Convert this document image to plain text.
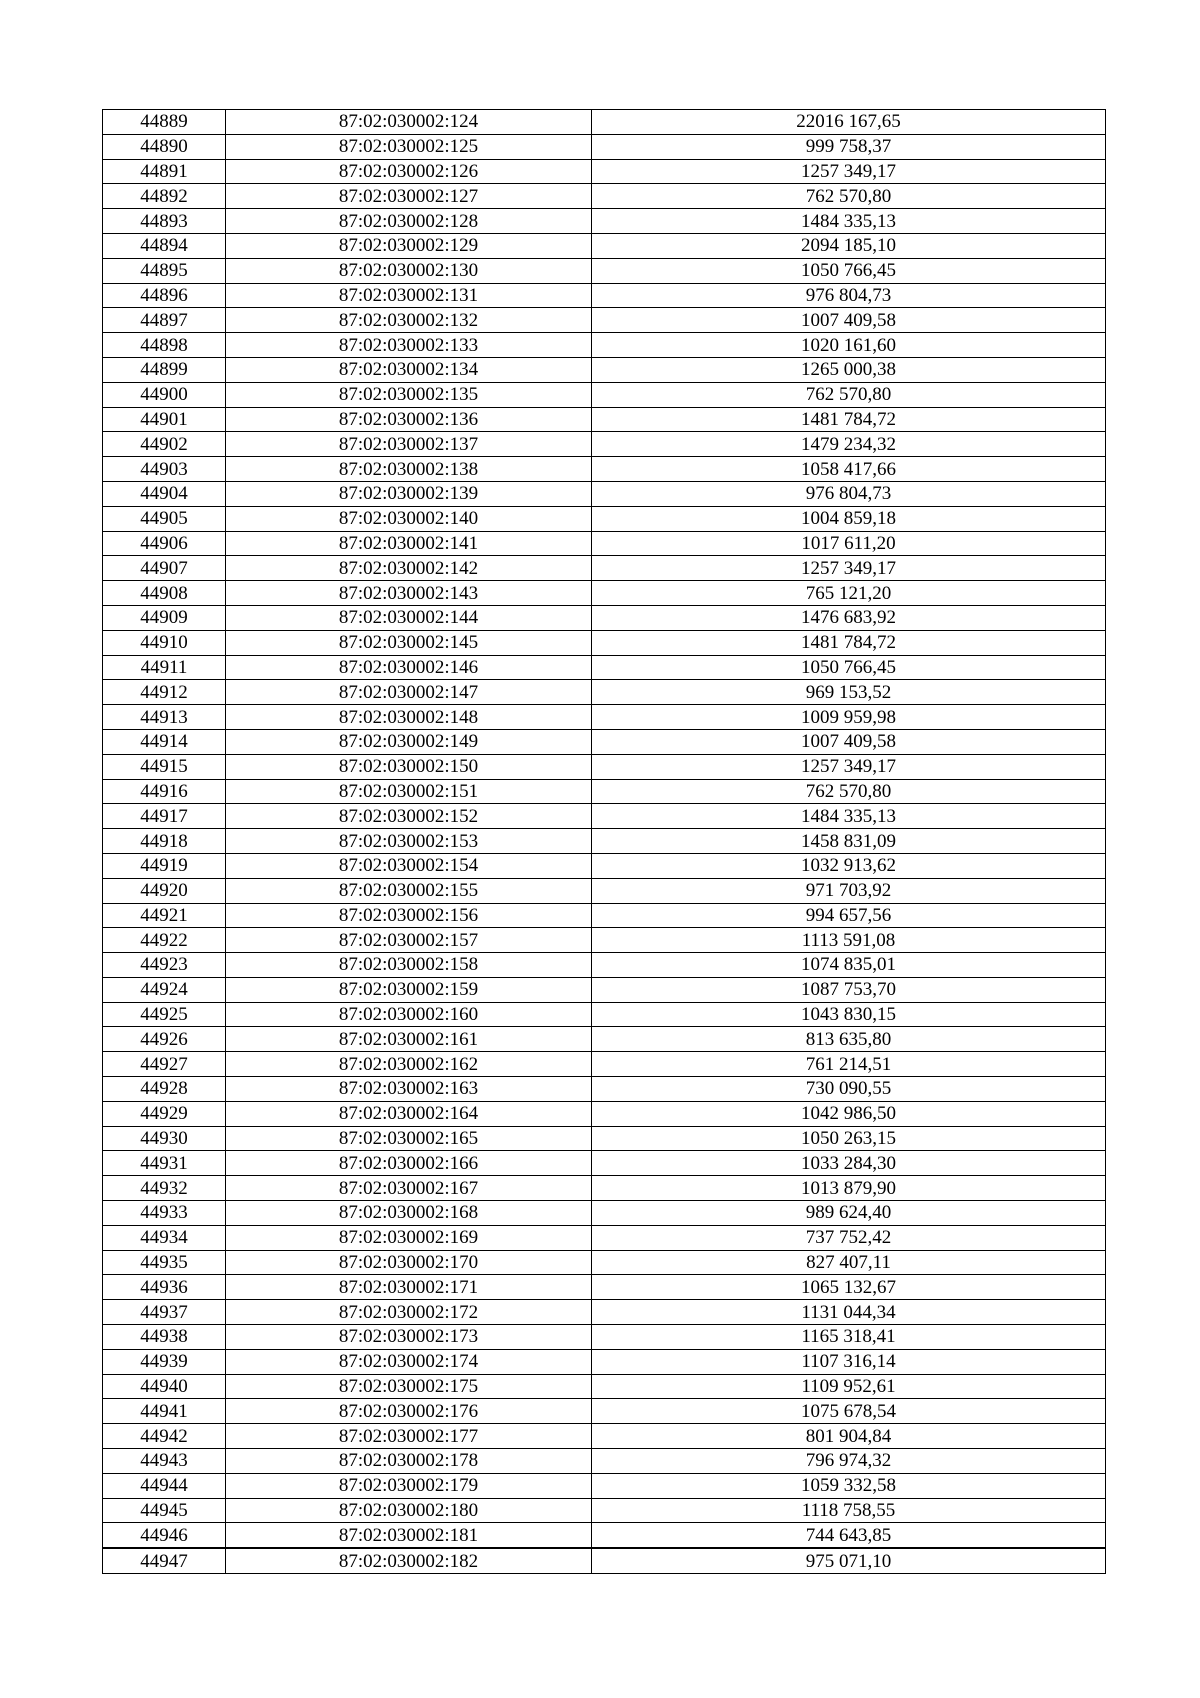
44889	87:02:030002:124	22016 167,65
44890	87:02:030002:125	999 758,37
44891	87:02:030002:126	1257 349,17
44892	87:02:030002:127	762 570,80
44893	87:02:030002:128	1484 335,13
44894	87:02:030002:129	2094 185,10
44895	87:02:030002:130	1050 766,45
44896	87:02:030002:131	976 804,73
44897	87:02:030002:132	1007 409,58
44898	87:02:030002:133	1020 161,60
44899	87:02:030002:134	1265 000,38
44900	87:02:030002:135	762 570,80
44901	87:02:030002:136	1481 784,72
44902	87:02:030002:137	1479 234,32
44903	87:02:030002:138	1058 417,66
44904	87:02:030002:139	976 804,73
44905	87:02:030002:140	1004 859,18
44906	87:02:030002:141	1017 611,20
44907	87:02:030002:142	1257 349,17
44908	87:02:030002:143	765 121,20
44909	87:02:030002:144	1476 683,92
44910	87:02:030002:145	1481 784,72
44911	87:02:030002:146	1050 766,45
44912	87:02:030002:147	969 153,52
44913	87:02:030002:148	1009 959,98
44914	87:02:030002:149	1007 409,58
44915	87:02:030002:150	1257 349,17
44916	87:02:030002:151	762 570,80
44917	87:02:030002:152	1484 335,13
44918	87:02:030002:153	1458 831,09
44919	87:02:030002:154	1032 913,62
44920	87:02:030002:155	971 703,92
44921	87:02:030002:156	994 657,56
44922	87:02:030002:157	1113 591,08
44923	87:02:030002:158	1074 835,01
44924	87:02:030002:159	1087 753,70
44925	87:02:030002:160	1043 830,15
44926	87:02:030002:161	813 635,80
44927	87:02:030002:162	761 214,51
44928	87:02:030002:163	730 090,55
44929	87:02:030002:164	1042 986,50
44930	87:02:030002:165	1050 263,15
44931	87:02:030002:166	1033 284,30
44932	87:02:030002:167	1013 879,90
44933	87:02:030002:168	989 624,40
44934	87:02:030002:169	737 752,42
44935	87:02:030002:170	827 407,11
44936	87:02:030002:171	1065 132,67
44937	87:02:030002:172	1131 044,34
44938	87:02:030002:173	1165 318,41
44939	87:02:030002:174	1107 316,14
44940	87:02:030002:175	1109 952,61
44941	87:02:030002:176	1075 678,54
44942	87:02:030002:177	801 904,84
44943	87:02:030002:178	796 974,32
44944	87:02:030002:179	1059 332,58
44945	87:02:030002:180	1118 758,55
44946	87:02:030002:181	744 643,85
44947	87:02:030002:182	975 071,10
